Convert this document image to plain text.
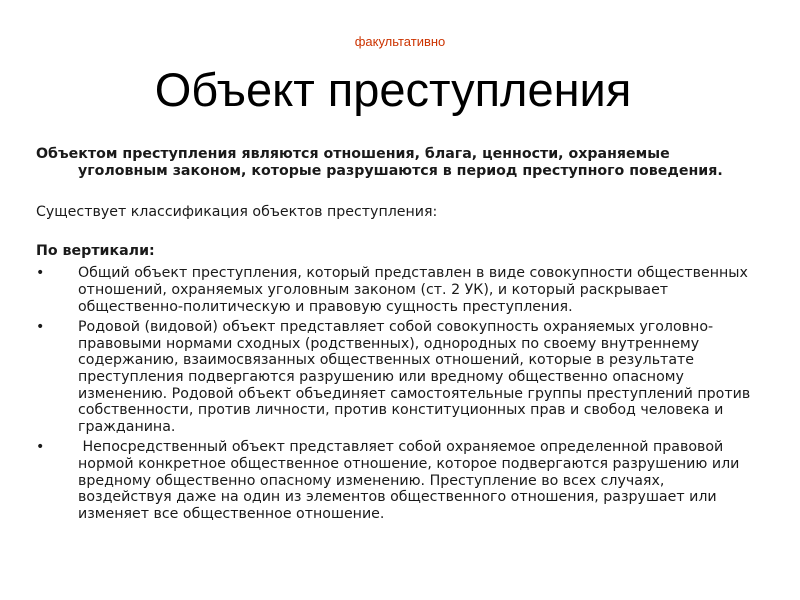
факультативно
Объект преступления

Объектом преступления являются отношения, блага, ценности, охраняемые уголовным законом, которые разрушаются в период преступного поведения.

Существует классификация объектов преступления:

По вертикали:

•	Общий объект преступления, который представлен в виде совокупности общественных отношений, охраняемых уголовным законом (ст. 2 УК), и который раскрывает общественно-политическую и правовую сущность преступления.
•	Родовой (видовой) объект представляет собой совокупность охраняемых уголовно-правовыми нормами сходных (родственных), однородных по своему внутреннему содержанию, взаимосвязанных общественных отношений, которые в результате преступления подвергаются разрушению или вредному общественно опасному изменению. Родовой объект объединяет самостоятельные группы преступлений против собственности, против личности, против конституционных прав и свобод человека и гражданина.
•	Непосредственный объект представляет собой охраняемое определенной правовой нормой конкретное общественное отношение, которое подвергаются разрушению или вредному общественно опасному изменению. Преступление во всех случаях, воздействуя даже на один из элементов общественного отношения, разрушает или изменяет все общественное отношение.
